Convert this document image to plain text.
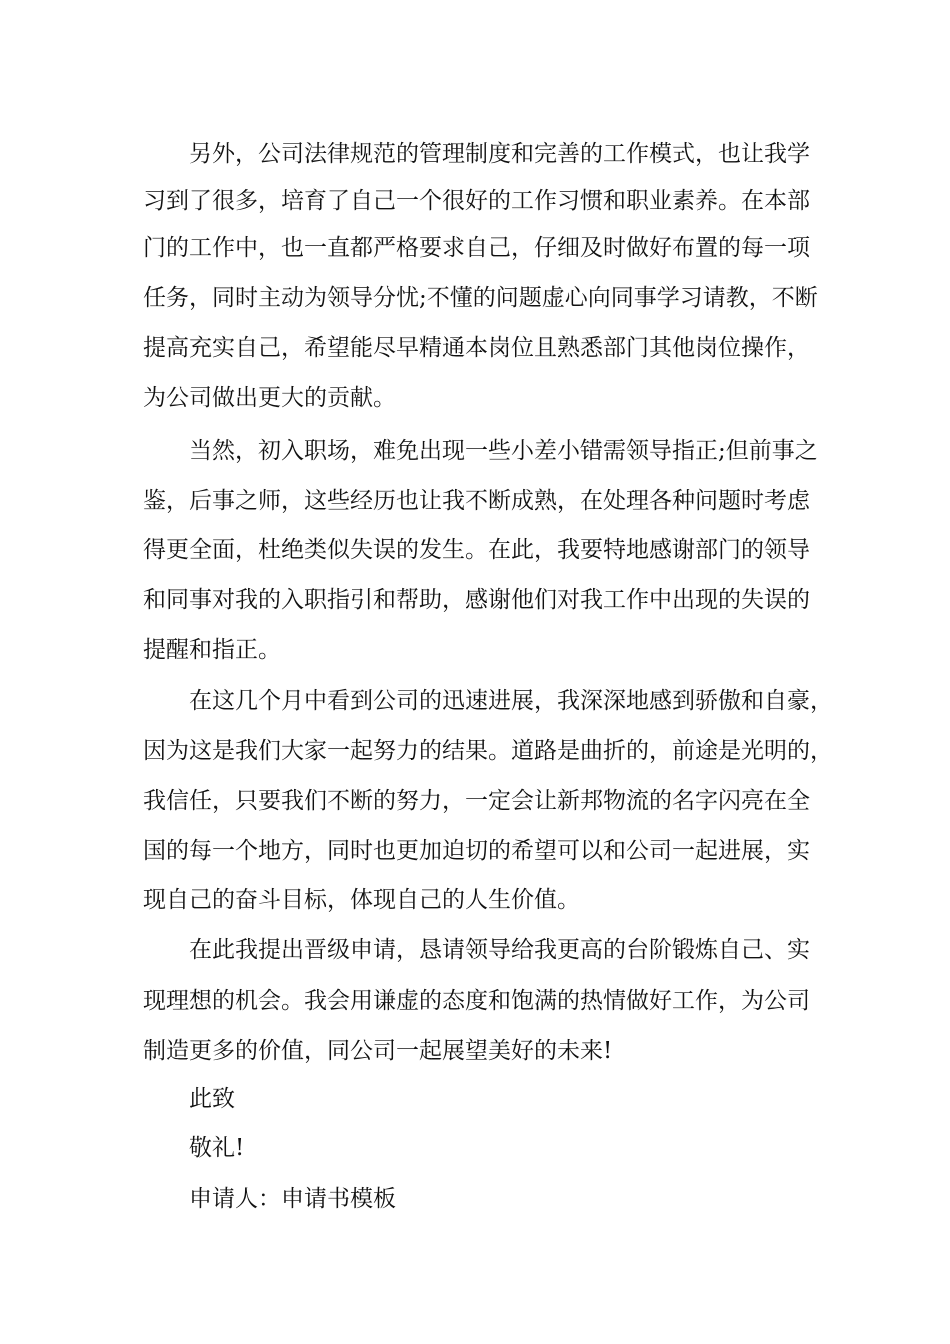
另外，公司法律规范的管理制度和完善的工作模式，也让我学
习到了很多，培育了自己一个很好的工作习惯和职业素养。在本部
门的工作中，也一直都严格要求自己，仔细及时做好布置的每一项
任务，同时主动为领导分忧;不懂的问题虚心向同事学习请教，不断
提高充实自己，希望能尽早精通本岗位且熟悉部门其他岗位操作，
为公司做出更大的贡献。
当然，初入职场，难免出现一些小差小错需领导指正;但前事之
鉴，后事之师，这些经历也让我不断成熟，在处理各种问题时考虑
得更全面，杜绝类似失误的发生。在此，我要特地感谢部门的领导
和同事对我的入职指引和帮助，感谢他们对我工作中出现的失误的
提醒和指正。
在这几个月中看到公司的迅速进展，我深深地感到骄傲和自豪，
因为这是我们大家一起努力的结果。道路是曲折的，前途是光明的，
我信任，只要我们不断的努力，一定会让新邦物流的名字闪亮在全
国的每一个地方，同时也更加迫切的希望可以和公司一起进展，实
现自己的奋斗目标，体现自己的人生价值。
在此我提出晋级申请，恳请领导给我更高的台阶锻炼自己、实
现理想的机会。我会用谦虚的态度和饱满的热情做好工作，为公司
制造更多的价值，同公司一起展望美好的未来!
此致
敬礼!
申请人：申请书模板
